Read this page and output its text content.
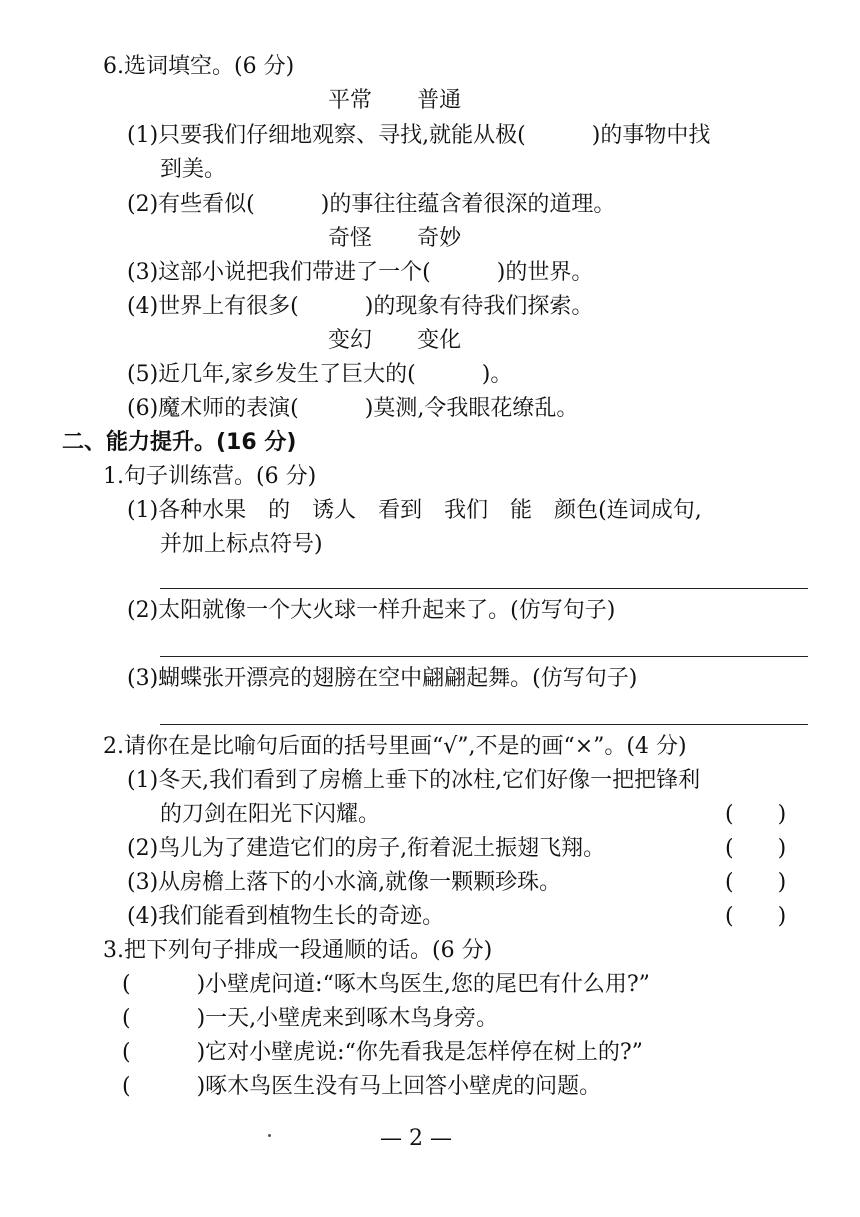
6.选词填空。(6 分)
平常 普通
(1)只要我们仔细地观察、寻找,就能从极(　　　)的事物中找
到美。
(2)有些看似(　　　)的事往往蕴含着很深的道理。
奇怪 奇妙
(3)这部小说把我们带进了一个(　　　)的世界。
(4)世界上有很多(　　　)的现象有待我们探索。
变幻 变化
(5)近几年,家乡发生了巨大的(　　　)。
(6)魔术师的表演(　　　)莫测,令我眼花缭乱。
二、能力提升。(16 分)
1.句子训练营。(6 分)
(1)各种水果　的　诱人　看到　我们　能　颜色(连词成句,
并加上标点符号)
(2)太阳就像一个大火球一样升起来了。(仿写句子)
(3)蝴蝶张开漂亮的翅膀在空中翩翩起舞。(仿写句子)
2.请你在是比喻句后面的括号里画“√”,不是的画“×”。(4 分)
(1)冬天,我们看到了房檐上垂下的冰柱,它们好像一把把锋利
的刀剑在阳光下闪耀。	(　　)
(2)鸟儿为了建造它们的房子,衔着泥土振翅飞翔。	(　　)
(3)从房檐上落下的小水滴,就像一颗颗珍珠。	(　　)
(4)我们能看到植物生长的奇迹。	(　　)
3.把下列句子排成一段通顺的话。(6 分)
(　　　)小壁虎问道:“啄木鸟医生,您的尾巴有什么用?”
(　　　)一天,小壁虎来到啄木鸟身旁。
(　　　)它对小壁虎说:“你先看我是怎样停在树上的?”
(　　　)啄木鸟医生没有马上回答小壁虎的问题。
— 2 —
